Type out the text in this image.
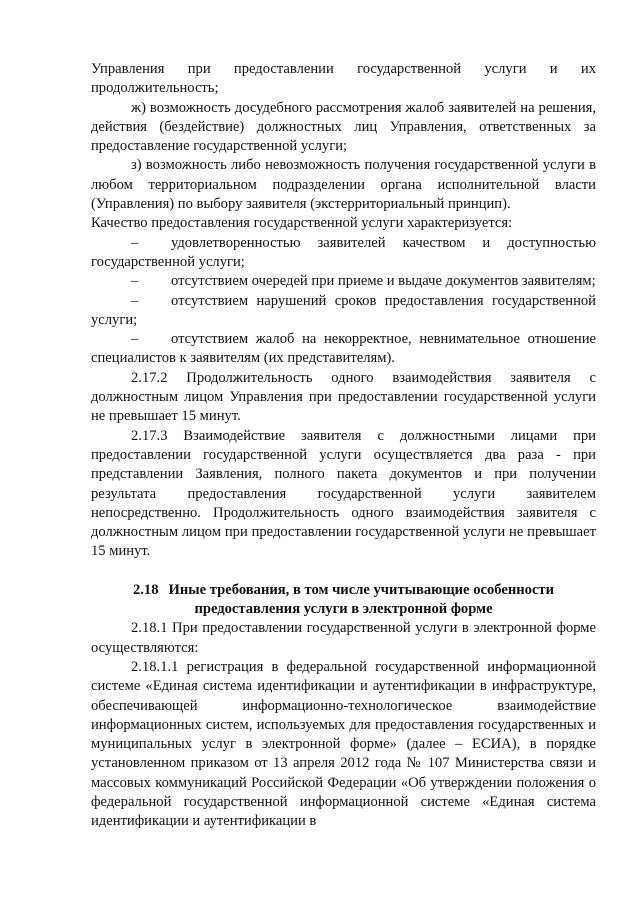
Управления при предоставлении государственной услуги и их продолжительность;

ж) возможность досудебного рассмотрения жалоб заявителей на решения, действия (бездействие) должностных лиц Управления, ответственных за предоставление государственной услуги;

з) возможность либо невозможность получения государственной услуги в любом территориальном подразделении органа исполнительной власти (Управления) по выбору заявителя (экстерриториальный принцип).

Качество предоставления государственной услуги характеризуется:

– удовлетворенностью заявителей качеством и доступностью государственной услуги;

– отсутствием очередей при приеме и выдаче документов заявителям;

– отсутствием нарушений сроков предоставления государственной услуги;

– отсутствием жалоб на некорректное, невнимательное отношение специалистов к заявителям (их представителям).

2.17.2 Продолжительность одного взаимодействия заявителя с должностным лицом Управления при предоставлении государственной услуги не превышает 15 минут.

2.17.3 Взаимодействие заявителя с должностными лицами при предоставлении государственной услуги осуществляется два раза - при представлении Заявления, полного пакета документов и при получении результата предоставления государственной услуги заявителем непосредственно. Продолжительность одного взаимодействия заявителя с должностным лицом при предоставлении государственной услуги не превышает 15 минут.

2.18 Иные требования, в том числе учитывающие особенности
предоставления услуги в электронной форме

2.18.1 При предоставлении государственной услуги в электронной форме осуществляются:

2.18.1.1 регистрация в федеральной государственной информационной системе «Единая система идентификации и аутентификации в инфраструктуре, обеспечивающей информационно-технологическое взаимодействие информационных систем, используемых для предоставления государственных и муниципальных услуг в электронной форме» (далее – ЕСИА), в порядке установленном приказом от 13 апреля 2012 года № 107 Министерства связи и массовых коммуникаций Российской Федерации «Об утверждении положения о федеральной государственной информационной системе «Единая система идентификации и аутентификации в
